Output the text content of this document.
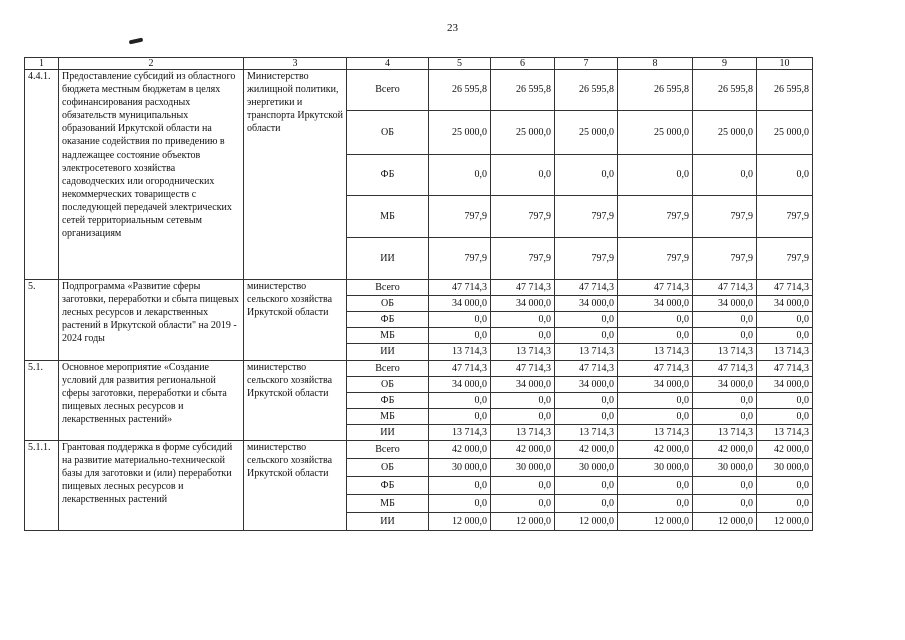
23
1	2	3	4	5	6	7	8	9	10
4.4.1.	Предоставление субсидий из областного бюджета местным бюджетам в целях софинансирования расходных обязательств муниципальных образований Иркутской области на оказание содействия по приведению в надлежащее состояние объектов электросетевого хозяйства садоводческих или огороднических некоммерческих товариществ с последующей передачей электрических сетей территориальным сетевым организациям	Министерство жилищной политики, энергетики и транспорта Иркутской области	Всего	26 595,8	26 595,8	26 595,8	26 595,8	26 595,8	26 595,8
			ОБ	25 000,0	25 000,0	25 000,0	25 000,0	25 000,0	25 000,0
			ФБ	0,0	0,0	0,0	0,0	0,0	0,0
			МБ	797,9	797,9	797,9	797,9	797,9	797,9
			ИИ	797,9	797,9	797,9	797,9	797,9	797,9
5.	Подпрограмма «Развитие сферы заготовки, переработки и сбыта пищевых лесных ресурсов и лекарственных растений в Иркутской области" на 2019 - 2024 годы	министерство сельского хозяйства Иркутской области	Всего	47 714,3	47 714,3	47 714,3	47 714,3	47 714,3	47 714,3
			ОБ	34 000,0	34 000,0	34 000,0	34 000,0	34 000,0	34 000,0
			ФБ	0,0	0,0	0,0	0,0	0,0	0,0
			МБ	0,0	0,0	0,0	0,0	0,0	0,0
			ИИ	13 714,3	13 714,3	13 714,3	13 714,3	13 714,3	13 714,3
5.1.	Основное мероприятие «Создание условий для развития региональной сферы заготовки, переработки и сбыта пищевых лесных ресурсов и лекарственных растений»	министерство сельского хозяйства Иркутской области	Всего	47 714,3	47 714,3	47 714,3	47 714,3	47 714,3	47 714,3
			ОБ	34 000,0	34 000,0	34 000,0	34 000,0	34 000,0	34 000,0
			ФБ	0,0	0,0	0,0	0,0	0,0	0,0
			МБ	0,0	0,0	0,0	0,0	0,0	0,0
			ИИ	13 714,3	13 714,3	13 714,3	13 714,3	13 714,3	13 714,3
5.1.1.	Грантовая поддержка в форме субсидий на развитие материально-технической базы для заготовки и (или) переработки пищевых лесных ресурсов и лекарственных растений	министерство сельского хозяйства Иркутской области	Всего	42 000,0	42 000,0	42 000,0	42 000,0	42 000,0	42 000,0
			ОБ	30 000,0	30 000,0	30 000,0	30 000,0	30 000,0	30 000,0
			ФБ	0,0	0,0	0,0	0,0	0,0	0,0
			МБ	0,0	0,0	0,0	0,0	0,0	0,0
			ИИ	12 000,0	12 000,0	12 000,0	12 000,0	12 000,0	12 000,0
